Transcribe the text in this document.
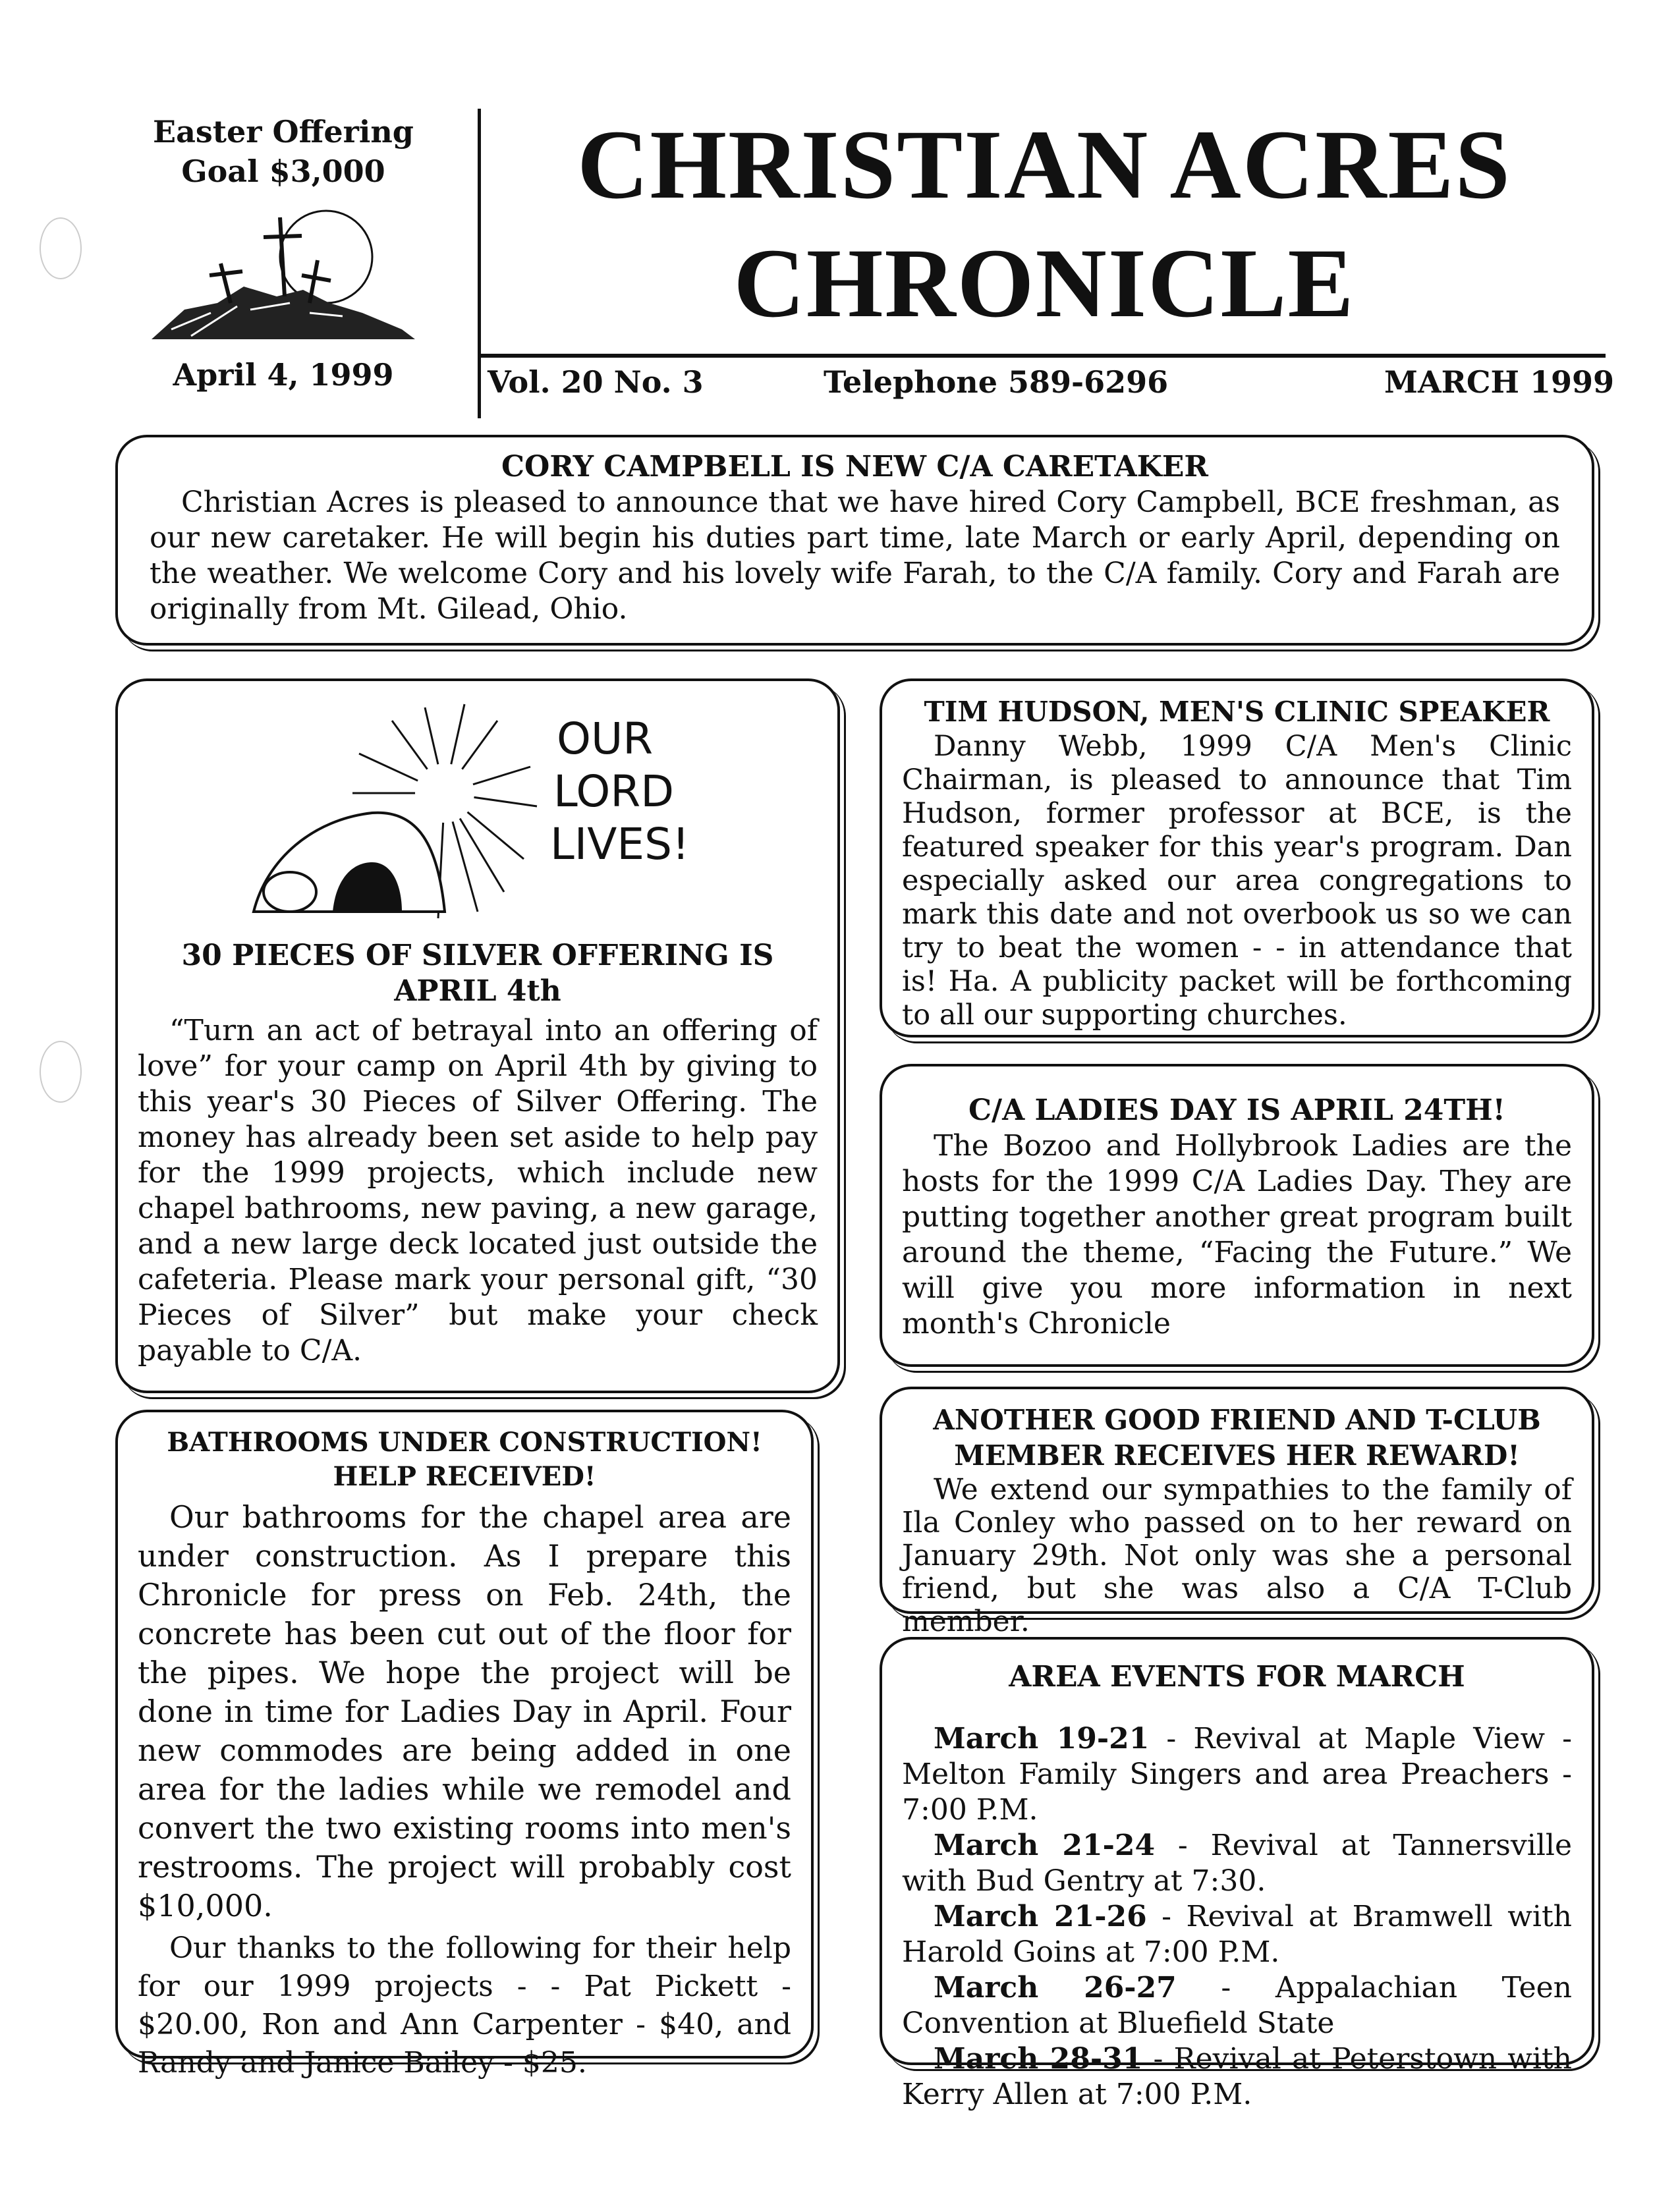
Easter Offering
Goal $3,000
April 4, 1999
CHRISTIAN ACRES
CHRONICLE
Vol. 20 No. 3	Telephone 589-6296	MARCH 1999
CORY CAMPBELL IS NEW C/A CARETAKER

Christian Acres is pleased to announce that we have hired Cory Campbell, BCE freshman, as our new caretaker. He will begin his duties part time, late March or early April, depending on the weather. We welcome Cory and his lovely wife Farah, to the C/A family. Cory and Farah are originally from Mt. Gilead, Ohio.

OUR
LORD
LIVES!
30 PIECES OF SILVER OFFERING IS
APRIL 4th

“Turn an act of betrayal into an offering of love” for your camp on April 4th by giving to this year's 30 Pieces of Silver Offering. The money has already been set aside to help pay for the 1999 projects, which include new chapel bathrooms, new paving, a new garage, and a new large deck located just outside the cafeteria. Please mark your personal gift, “30 Pieces of Silver” but make your check payable to C/A.

BATHROOMS UNDER CONSTRUCTION!
HELP RECEIVED!

Our bathrooms for the chapel area are under construction. As I prepare this Chronicle for press on Feb. 24th, the concrete has been cut out of the floor for the pipes. We hope the project will be done in time for Ladies Day in April. Four new commodes are being added in one area for the ladies while we remodel and convert the two existing rooms into men's restrooms. The project will probably cost $10,000.

Our thanks to the following for their help for our 1999 projects - - Pat Pickett - $20.00, Ron and Ann Carpenter - $40, and Randy and Janice Bailey - $25.

TIM HUDSON, MEN'S CLINIC SPEAKER

Danny Webb, 1999 C/A Men's Clinic Chairman, is pleased to announce that Tim Hudson, former professor at BCE, is the featured speaker for this year's program. Dan especially asked our area congregations to mark this date and not overbook us so we can try to beat the women - - in attendance that is! Ha. A publicity packet will be forthcoming to all our supporting churches.

C/A LADIES DAY IS APRIL 24TH!

The Bozoo and Hollybrook Ladies are the hosts for the 1999 C/A Ladies Day. They are putting together another great program built around the theme, “Facing the Future.” We will give you more information in next month's Chronicle

ANOTHER GOOD FRIEND AND T-CLUB
MEMBER RECEIVES HER REWARD!

We extend our sympathies to the family of Ila Conley who passed on to her reward on January 29th. Not only was she a personal friend, but she was also a C/A T-Club member.

AREA EVENTS FOR MARCH

March 19-21 - Revival at Maple View - Melton Family Singers and area Preachers - 7:00 P.M.

March 21-24 - Revival at Tannersville with Bud Gentry at 7:30.

March 21-26 - Revival at Bramwell with Harold Goins at 7:00 P.M.

March 26-27 - Appalachian Teen Convention at Bluefield State

March 28-31 - Revival at Peterstown with Kerry Allen at 7:00 P.M.
